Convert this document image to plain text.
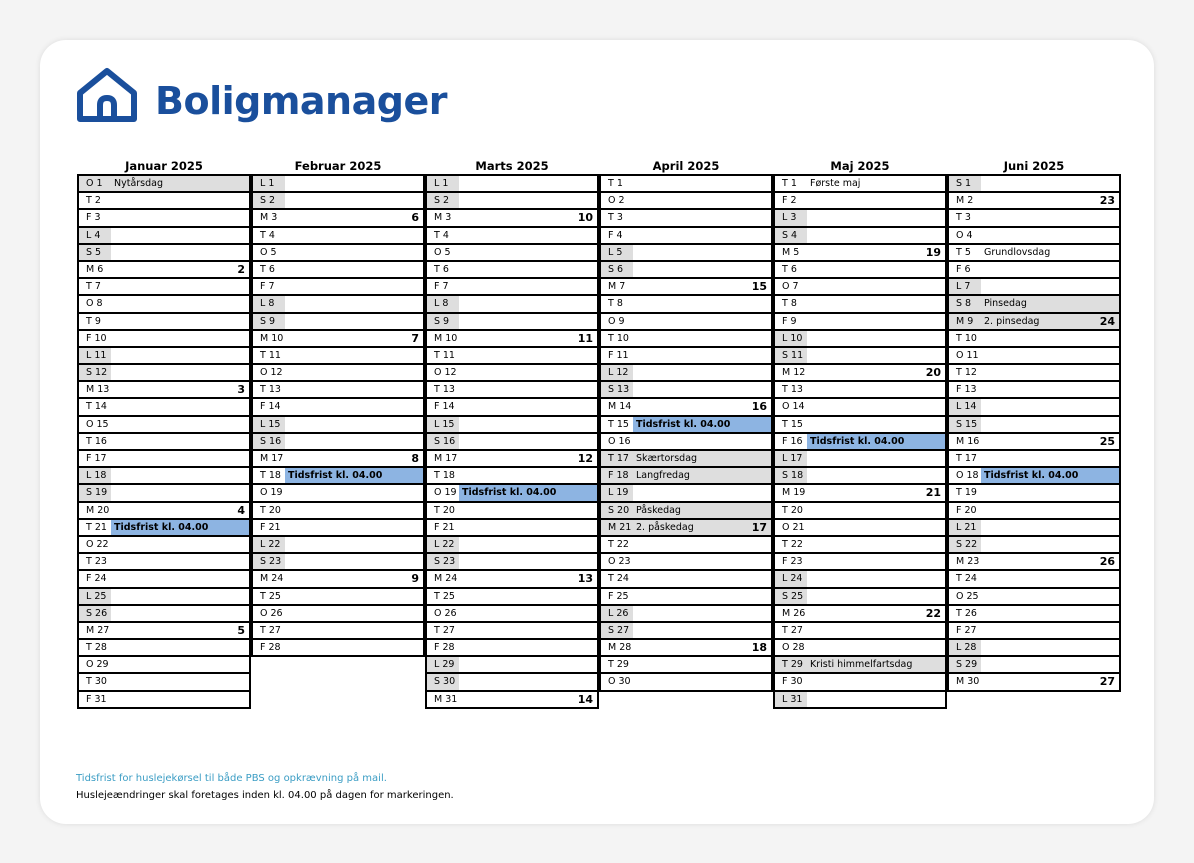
Boligmanager
Januar 2025
O 1 Nytårsdag
T 2
F 3
L 4
S 5
M 6	2
T 7
O 8
T 9
F 10
L 11
S 12
M 13	3
T 14
O 15
T 16
F 17
L 18
S 19
M 20	4
T 21 Tidsfrist kl. 04.00
O 22
T 23
F 24
L 25
S 26
M 27	5
T 28
O 29
T 30
F 31
Februar 2025
L 1
S 2
M 3	6
T 4
O 5
T 6
F 7
L 8
S 9
M 10	7
T 11
O 12
T 13
F 14
L 15
S 16
M 17	8
T 18 Tidsfrist kl. 04.00
O 19
T 20
F 21
L 22
S 23
M 24	9
T 25
O 26
T 27
F 28
Marts 2025
L 1
S 2
M 3	10
T 4
O 5
T 6
F 7
L 8
S 9
M 10	11
T 11
O 12
T 13
F 14
L 15
S 16
M 17	12
T 18
O 19 Tidsfrist kl. 04.00
T 20
F 21
L 22
S 23
M 24	13
T 25
O 26
T 27
F 28
L 29
S 30
M 31	14
April 2025
T 1
O 2
T 3
F 4
L 5
S 6
M 7	15
T 8
O 9
T 10
F 11
L 12
S 13
M 14	16
T 15 Tidsfrist kl. 04.00
O 16
T 17 Skærtorsdag
F 18 Langfredag
L 19
S 20 Påskedag
M 21 2. påskedag	17
T 22
O 23
T 24
F 25
L 26
S 27
M 28	18
T 29
O 30
Maj 2025
T 1 Første maj
F 2
L 3
S 4
M 5	19
T 6
O 7
T 8
F 9
L 10
S 11
M 12	20
T 13
O 14
T 15
F 16 Tidsfrist kl. 04.00
L 17
S 18
M 19	21
T 20
O 21
T 22
F 23
L 24
S 25
M 26	22
T 27
O 28
T 29 Kristi himmelfartsdag
F 30
L 31
Juni 2025
S 1
M 2	23
T 3
O 4
T 5 Grundlovsdag
F 6
L 7
S 8 Pinsedag
M 9 2. pinsedag	24
T 10
O 11
T 12
F 13
L 14
S 15
M 16	25
T 17
O 18 Tidsfrist kl. 04.00
T 19
F 20
L 21
S 22
M 23	26
T 24
O 25
T 26
F 27
L 28
S 29
M 30	27
Tidsfrist for huslejekørsel til både PBS og opkrævning på mail.
Huslejeændringer skal foretages inden kl. 04.00 på dagen for markeringen.
